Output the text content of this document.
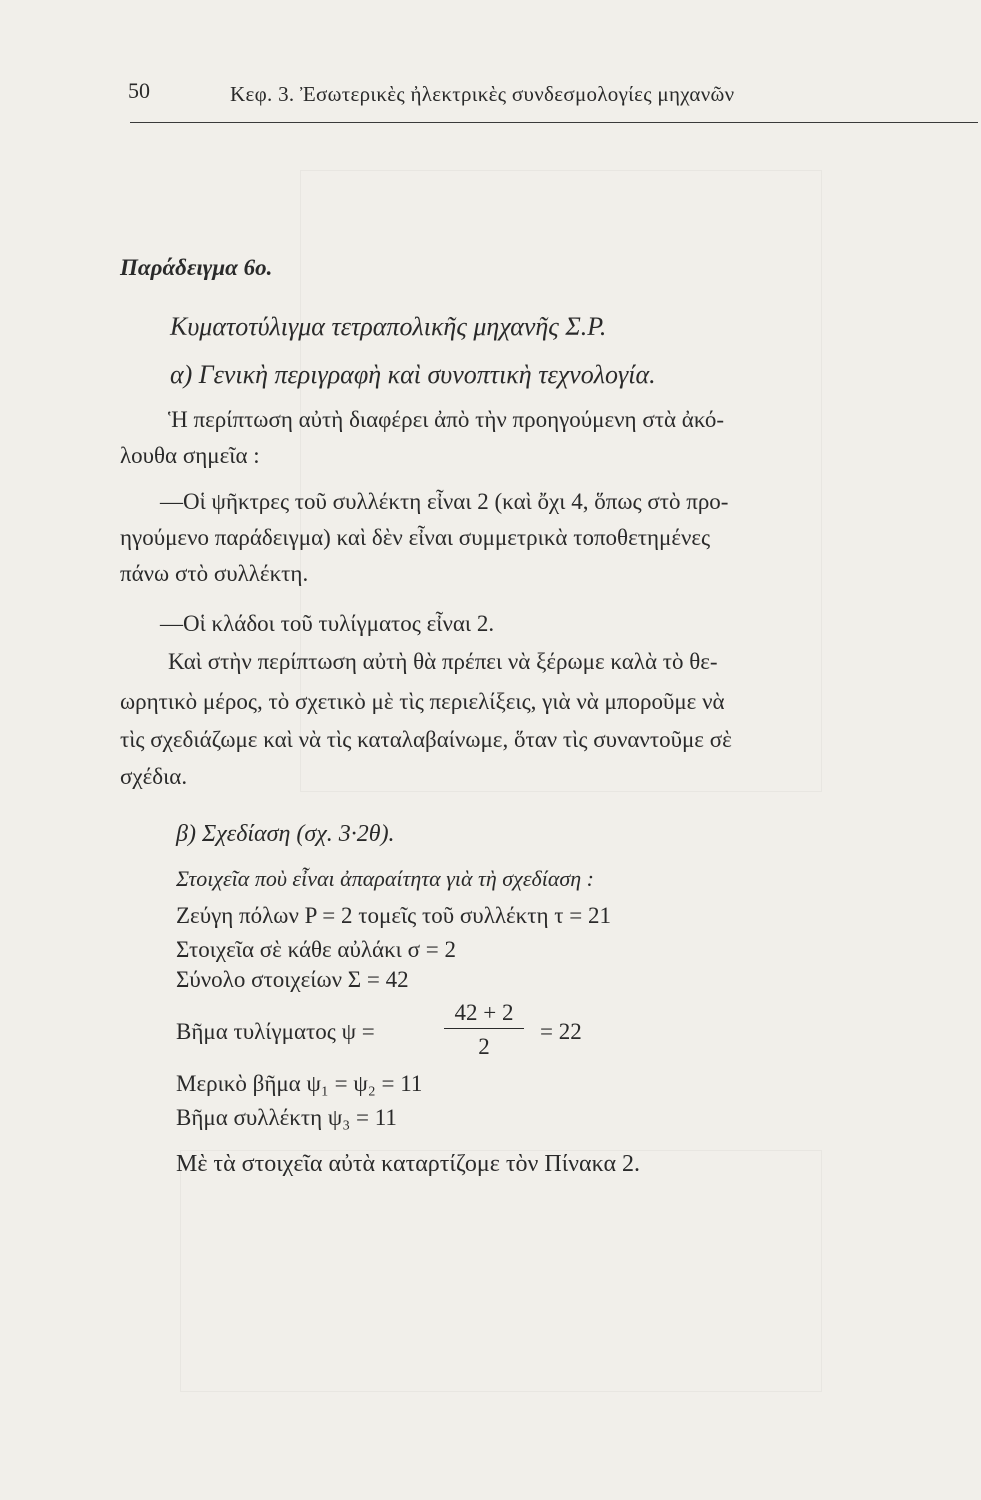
50	Κεφ. 3. Ἐσωτερικὲς ἠλεκτρικὲς συνδεσμολογίες μηχανῶν
Παράδειγμα 6ο.
Κυματοτύλιγμα τετραπολικῆς μηχανῆς Σ.Ρ.
α) Γενικὴ περιγραφὴ καὶ συνοπτικὴ τεχνολογία.
Ἡ περίπτωση αὐτὴ διαφέρει ἀπὸ τὴν προηγούμενη στὰ ἀκό-
λουθα σημεῖα :
—Οἱ ψῆκτρες τοῦ συλλέκτη εἶναι 2 (καὶ ὄχι 4, ὅπως στὸ προ-
ηγούμενο παράδειγμα) καὶ δὲν εἶναι συμμετρικὰ τοποθετημένες
πάνω στὸ συλλέκτη.
—Οἱ κλάδοι τοῦ τυλίγματος εἶναι 2.
Καὶ στὴν περίπτωση αὐτὴ θὰ πρέπει νὰ ξέρωμε καλὰ τὸ θε-
ωρητικὸ μέρος, τὸ σχετικὸ μὲ τὶς περιελίξεις, γιὰ νὰ μποροῦμε νὰ
τὶς σχεδιάζωμε καὶ νὰ τὶς καταλαβαίνωμε, ὅταν τὶς συναντοῦμε σὲ
σχέδια.
β) Σχεδίαση (σχ. 3·2θ).
Στοιχεῖα ποὺ εἶναι ἀπαραίτητα γιὰ τὴ σχεδίαση :
Ζεύγη πόλων P = 2 τομεῖς τοῦ συλλέκτη τ = 21
Στοιχεῖα σὲ κάθε αὐλάκι σ = 2
Σύνολο στοιχείων Σ = 42
Βῆμα τυλίγματος ψ =
42 + 2
2
= 22
Μερικὸ βῆμα ψ₁ = ψ₂ = 11
Βῆμα συλλέκτη ψ₃ = 11
Μὲ τὰ στοιχεῖα αὐτὰ καταρτίζομε τὸν Πίνακα 2.
